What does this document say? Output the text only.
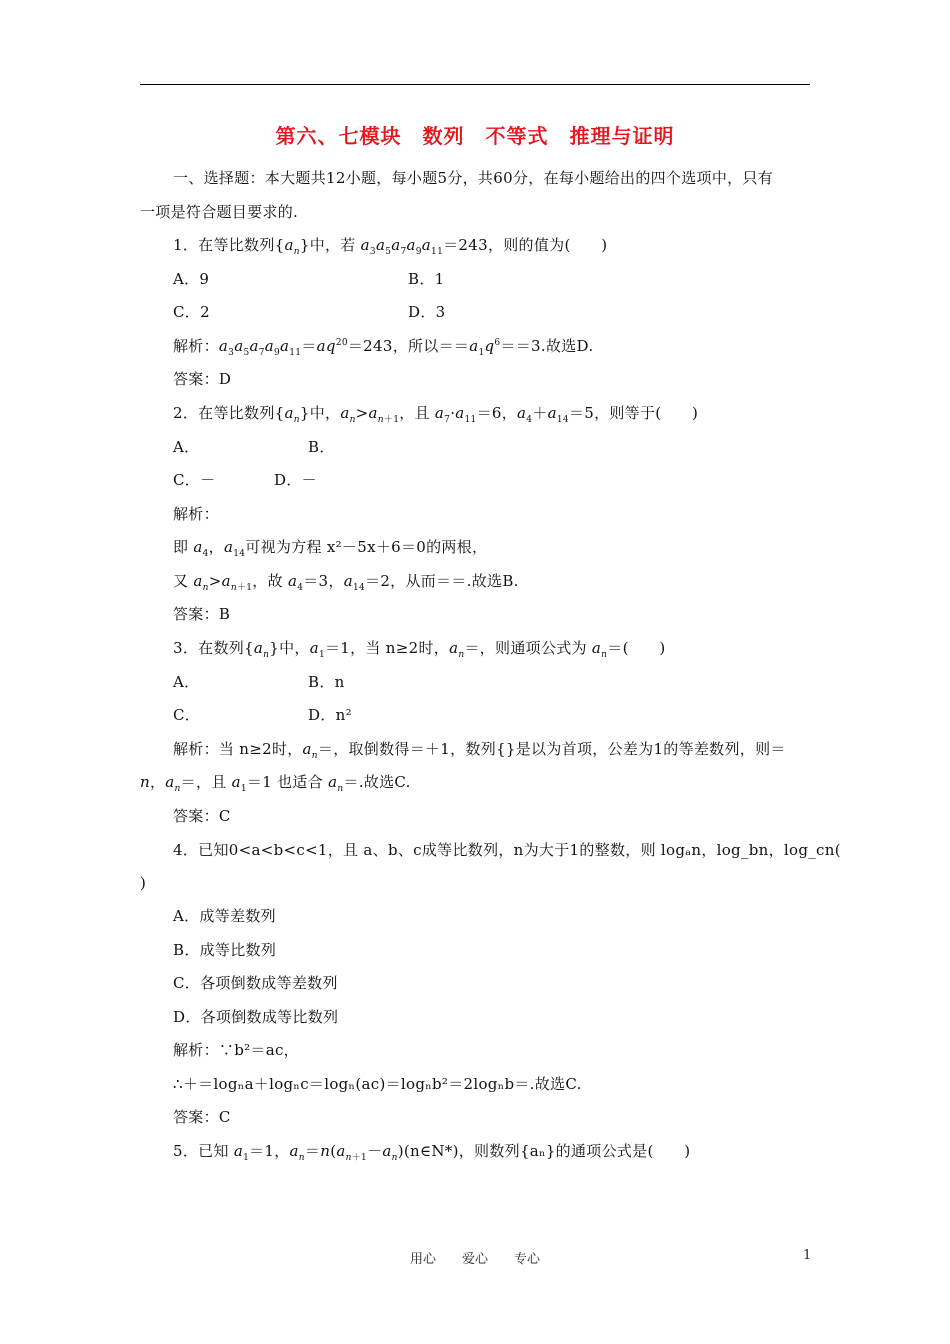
第六、七模块　数列　不等式　推理与证明
一、选择题：本大题共12小题，每小题5分，共60分，在每小题给出的四个选项中，只有
一项是符合题目要求的.
1．在等比数列$\{a_n\}$中，若 $a_3a_5a_7a_9a_{11}=243$，则的值为(　　)
A．9	B．1
C．2	D．3
解析：$a_3a_5a_7a_9a_{11}=aq^{20}=243$，所以$==a_1q^6==3$.故选D.
答案：D
2．在等比数列$\{a_n\}$中，$a_n>a_{n+1}$，且 $a_7\cdot a_{11}=6$，$a_4+a_{14}=5$，则等于(　　)
A．	B．
C．－	D．－
解析：
即 $a_4$，$a_{14}$可视为方程 x²－5x＋6＝0的两根，
又 $a_n>a_{n+1}$，故 $a_4=3$，$a_{14}=2$，从而＝＝.故选B.
答案：B
3．在数列$\{a_n\}$中，$a_1=1$，当 n≥2时，$a_n=$，则通项公式为 $a_n=$(　　)
A．	B．n
C．	D．n²
解析：当 n≥2时，$a_n=$，取倒数得＝＋1，数列{}是以为首项，公差为1的等差数列，则＝
n，$a_n=$，且 $a_1=1$ 也适合 $a_n=$.故选C.
答案：C
4．已知0<a<b<c<1，且 a、b、c成等比数列，n为大于1的整数，则 logₐn，log_bn，log_cn(
)
A．成等差数列
B．成等比数列
C．各项倒数成等差数列
D．各项倒数成等比数列
解析：∵b²＝ac，
∴＋＝logₙa＋logₙc＝logₙ(ac)＝logₙb²＝2logₙb＝.故选C.
答案：C
5．已知 $a_1=1$，$a_n=n(a_{n+1}-a_n)(n\in N*)$，则数列{aₙ}的通项公式是(　　)
用心　　爱心　　专心	1
